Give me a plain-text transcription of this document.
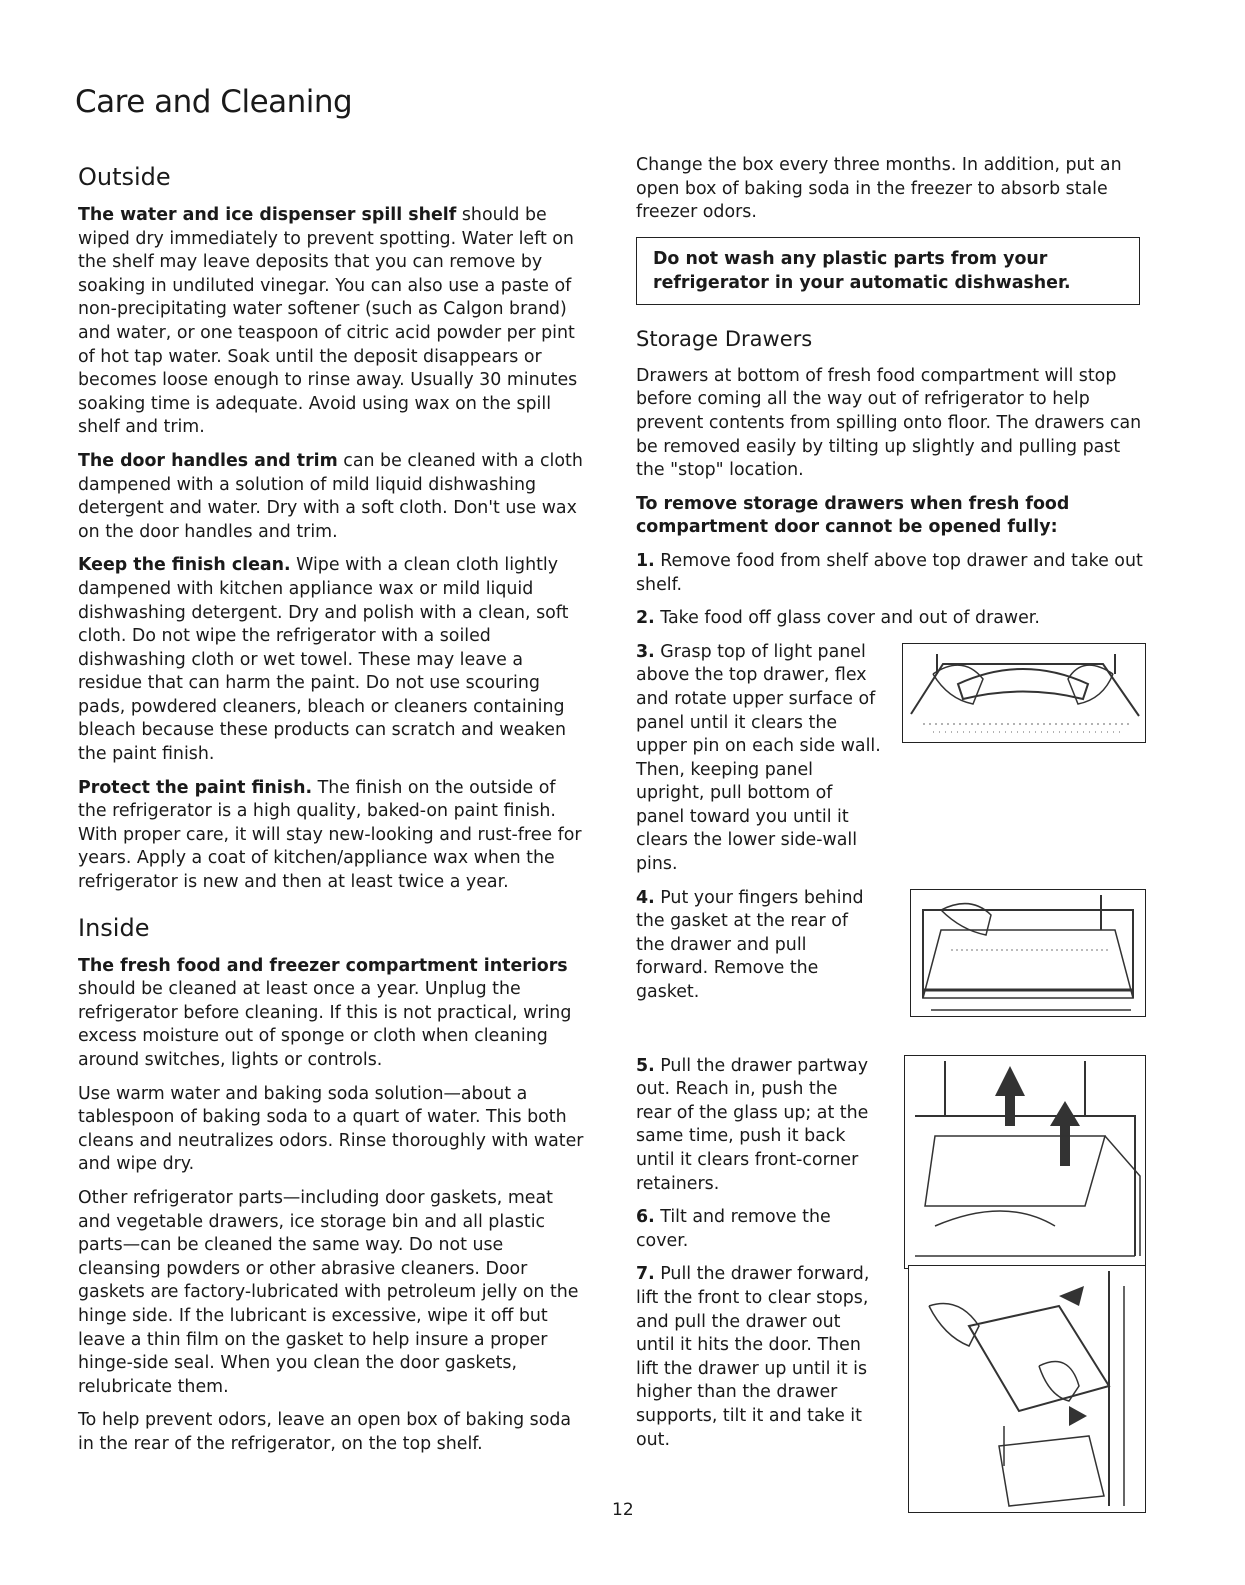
Care and Cleaning
Outside

The water and ice dispenser spill shelf should be wiped dry immediately to prevent spotting. Water left on the shelf may leave deposits that you can remove by soaking in undiluted vinegar. You can also use a paste of non-precipitating water softener (such as Calgon brand) and water, or one teaspoon of citric acid powder per pint of hot tap water. Soak until the deposit disappears or becomes loose enough to rinse away. Usually 30 minutes soaking time is adequate. Avoid using wax on the spill shelf and trim.

The door handles and trim can be cleaned with a cloth dampened with a solution of mild liquid dishwashing detergent and water. Dry with a soft cloth. Don't use wax on the door handles and trim.

Keep the finish clean. Wipe with a clean cloth lightly dampened with kitchen appliance wax or mild liquid dishwashing detergent. Dry and polish with a clean, soft cloth. Do not wipe the refrigerator with a soiled dishwashing cloth or wet towel. These may leave a residue that can harm the paint. Do not use scouring pads, powdered cleaners, bleach or cleaners containing bleach because these products can scratch and weaken the paint finish.

Protect the paint finish. The finish on the outside of the refrigerator is a high quality, baked-on paint finish. With proper care, it will stay new-looking and rust-free for years. Apply a coat of kitchen/appliance wax when the refrigerator is new and then at least twice a year.

Inside

The fresh food and freezer compartment interiors should be cleaned at least once a year. Unplug the refrigerator before cleaning. If this is not practical, wring excess moisture out of sponge or cloth when cleaning around switches, lights or controls.

Use warm water and baking soda solution—about a tablespoon of baking soda to a quart of water. This both cleans and neutralizes odors. Rinse thoroughly with water and wipe dry.

Other refrigerator parts—including door gaskets, meat and vegetable drawers, ice storage bin and all plastic parts—can be cleaned the same way. Do not use cleansing powders or other abrasive cleaners. Door gaskets are factory-lubricated with petroleum jelly on the hinge side. If the lubricant is excessive, wipe it off but leave a thin film on the gasket to help insure a proper hinge-side seal. When you clean the door gaskets, relubricate them.

To help prevent odors, leave an open box of baking soda in the rear of the refrigerator, on the top shelf.

Change the box every three months. In addition, put an open box of baking soda in the freezer to absorb stale freezer odors.

Do not wash any plastic parts from your refrigerator in your automatic dishwasher.
Storage Drawers

Drawers at bottom of fresh food compartment will stop before coming all the way out of refrigerator to help prevent contents from spilling onto floor. The drawers can be removed easily by tilting up slightly and pulling past the "stop" location.

To remove storage drawers when fresh food compartment door cannot be opened fully:

1. Remove food from shelf above top drawer and take out shelf.

2. Take food off glass cover and out of drawer.

3. Grasp top of light panel above the top drawer, flex and rotate upper surface of panel until it clears the upper pin on each side wall. Then, keeping panel upright, pull bottom of panel toward you until it clears the lower side-wall pins.

4. Put your fingers behind the gasket at the rear of the drawer and pull forward. Remove the gasket.

5. Pull the drawer partway out. Reach in, push the rear of the glass up; at the same time, push it back until it clears front-corner retainers.

6. Tilt and remove the cover.

7. Pull the drawer forward, lift the front to clear stops, and pull the drawer out until it hits the door. Then lift the drawer up until it is higher than the drawer supports, tilt it and take it out.

12
